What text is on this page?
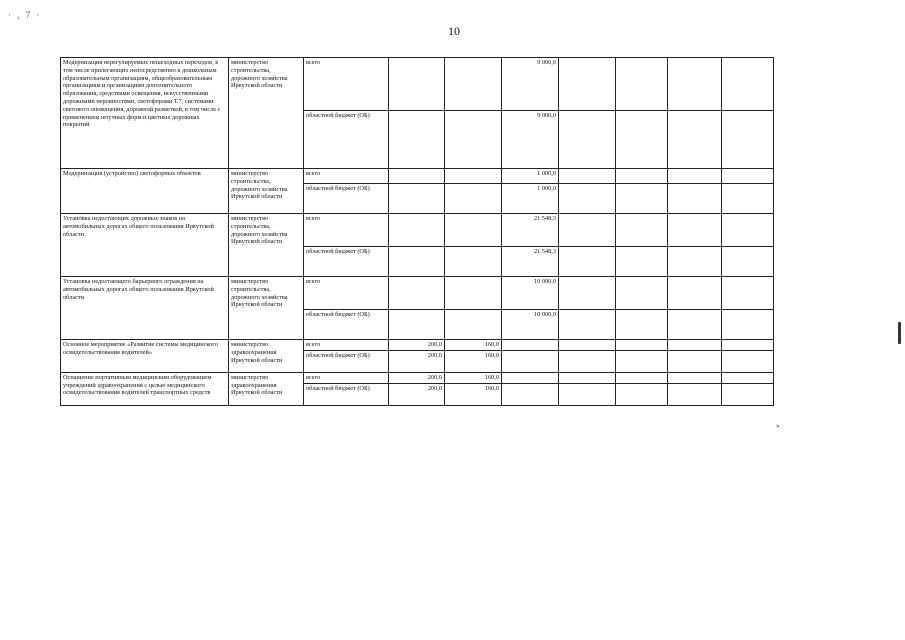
· , 7 ·
10
»
Модернизация нерегулируемых пешеходных переходов, в том числе прилегающих непосредственно к дошкольным образовательным организациям, общеобразовательным организациям и организациям дополнительного образования, средствами освещения, искусственными дорожными неровностями, светофорами Т.7, системами светового оповещения, дорожной разметкой, в том числе с применением штучных форм и цветных дорожных покрытий	министерство строительства, дорожного хозяйства Иркутской области	всего			9 000,0				
		областной бюджет (ОБ)			9 000,0				
Модернизация (устройство) светофорных объектов	министерство строительства, дорожного хозяйства Иркутской области	всего			1 000,0				
		областной бюджет (ОБ)			1 000,0				
Установка недостающих дорожных знаков на автомобильных дорогах общего пользования Иркутской области	министерство строительства, дорожного хозяйства Иркутской области	всего			21 548,3				
		областной бюджет (ОБ)			21 548,3				
Установка недостающего барьерного ограждения на автомобильных дорогах общего пользования Иркутской области	министерство строительства, дорожного хозяйства Иркутской области	всего			10 000,0				
		областной бюджет (ОБ)			10 000,0				
Основное мероприятие «Развитие системы медицинского освидетельствования водителей»	министерство здравоохранения Иркутской области	всего	200,0	160,0					
		областной бюджет (ОБ)	200,0	160,0					
Оснащение портативным медицинским оборудованием учреждений здравоохранения с целью медицинского освидетельствования водителей транспортных средств	министерство здравоохранения Иркутской области	всего	200,0	160,0					
		областной бюджет (ОБ)	200,0	160,0					
